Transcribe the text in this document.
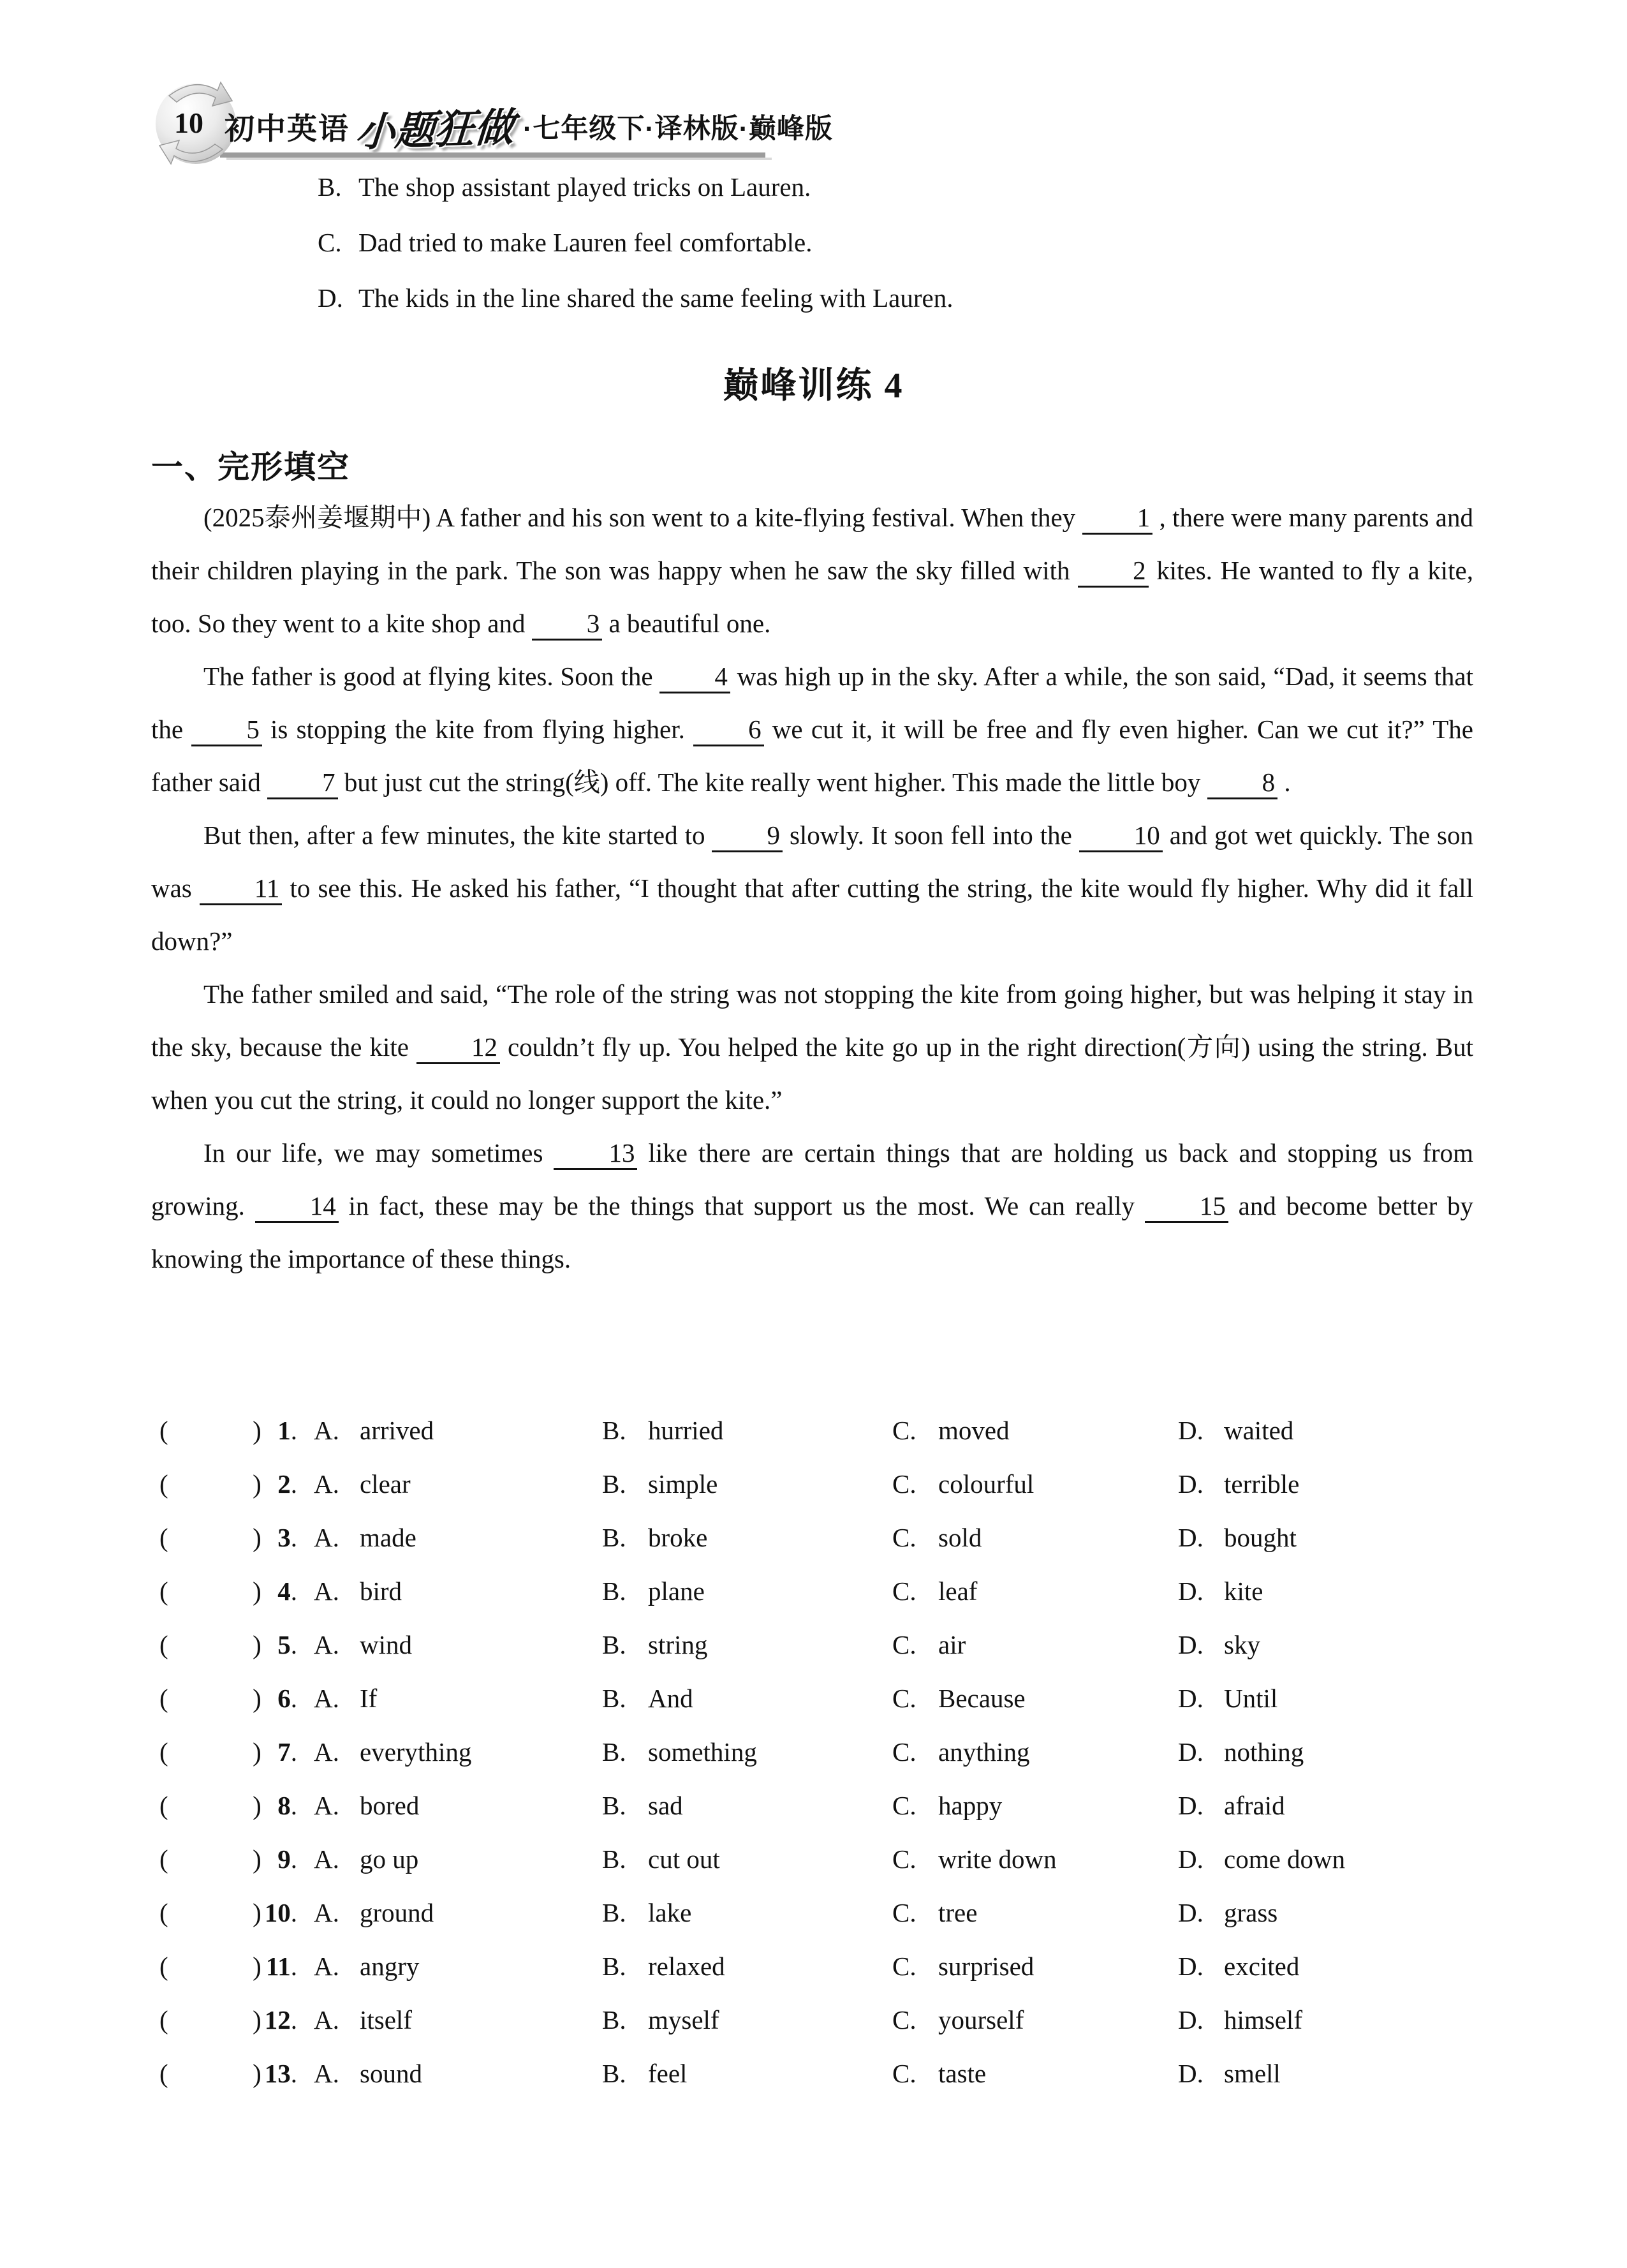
10 初中英语 小题狂做 ·七年级下·译林版·巅峰版
B. The shop assistant played tricks on Lauren.
C. Dad tried to make Lauren feel comfortable.
D. The kids in the line shared the same feeling with Lauren.
巅峰训练 4
一、完形填空

(2025泰州姜堰期中) A father and his son went to a kite-flying festival. When they 1 , there were many parents and their children playing in the park. The son was happy when he saw the sky filled with 2 kites. He wanted to fly a kite, too. So they went to a kite shop and 3 a beautiful one.

The father is good at flying kites. Soon the 4 was high up in the sky. After a while, the son said, “Dad, it seems that the 5 is stopping the kite from flying higher. 6 we cut it, it will be free and fly even higher. Can we cut it?” The father said 7 but just cut the string(线) off. The kite really went higher. This made the little boy 8 .

But then, after a few minutes, the kite started to 9 slowly. It soon fell into the 10 and got wet quickly. The son was 11 to see this. He asked his father, “I thought that after cutting the string, the kite would fly higher. Why did it fall down?”

The father smiled and said, “The role of the string was not stopping the kite from going higher, but was helping it stay in the sky, because the kite 12 couldn’t fly up. You helped the kite go up in the right direction(方向) using the string. But when you cut the string, it could no longer support the kite.”

In our life, we may sometimes 13 like there are certain things that are holding us back and stopping us from growing. 14 in fact, these may be the things that support us the most. We can really 15 and become better by knowing the importance of these things.

(	) 1. A. arrived	B. hurried	C. moved	D. waited
(	) 2. A. clear	B. simple	C. colourful	D. terrible
(	) 3. A. made	B. broke	C. sold	D. bought
(	) 4. A. bird	B. plane	C. leaf	D. kite
(	) 5. A. wind	B. string	C. air	D. sky
(	) 6. A. If	B. And	C. Because	D. Until
(	) 7. A. everything	B. something	C. anything	D. nothing
(	) 8. A. bored	B. sad	C. happy	D. afraid
(	) 9. A. go up	B. cut out	C. write down	D. come down
(	) 10. A. ground	B. lake	C. tree	D. grass
(	) 11. A. angry	B. relaxed	C. surprised	D. excited
(	) 12. A. itself	B. myself	C. yourself	D. himself
(	) 13. A. sound	B. feel	C. taste	D. smell
